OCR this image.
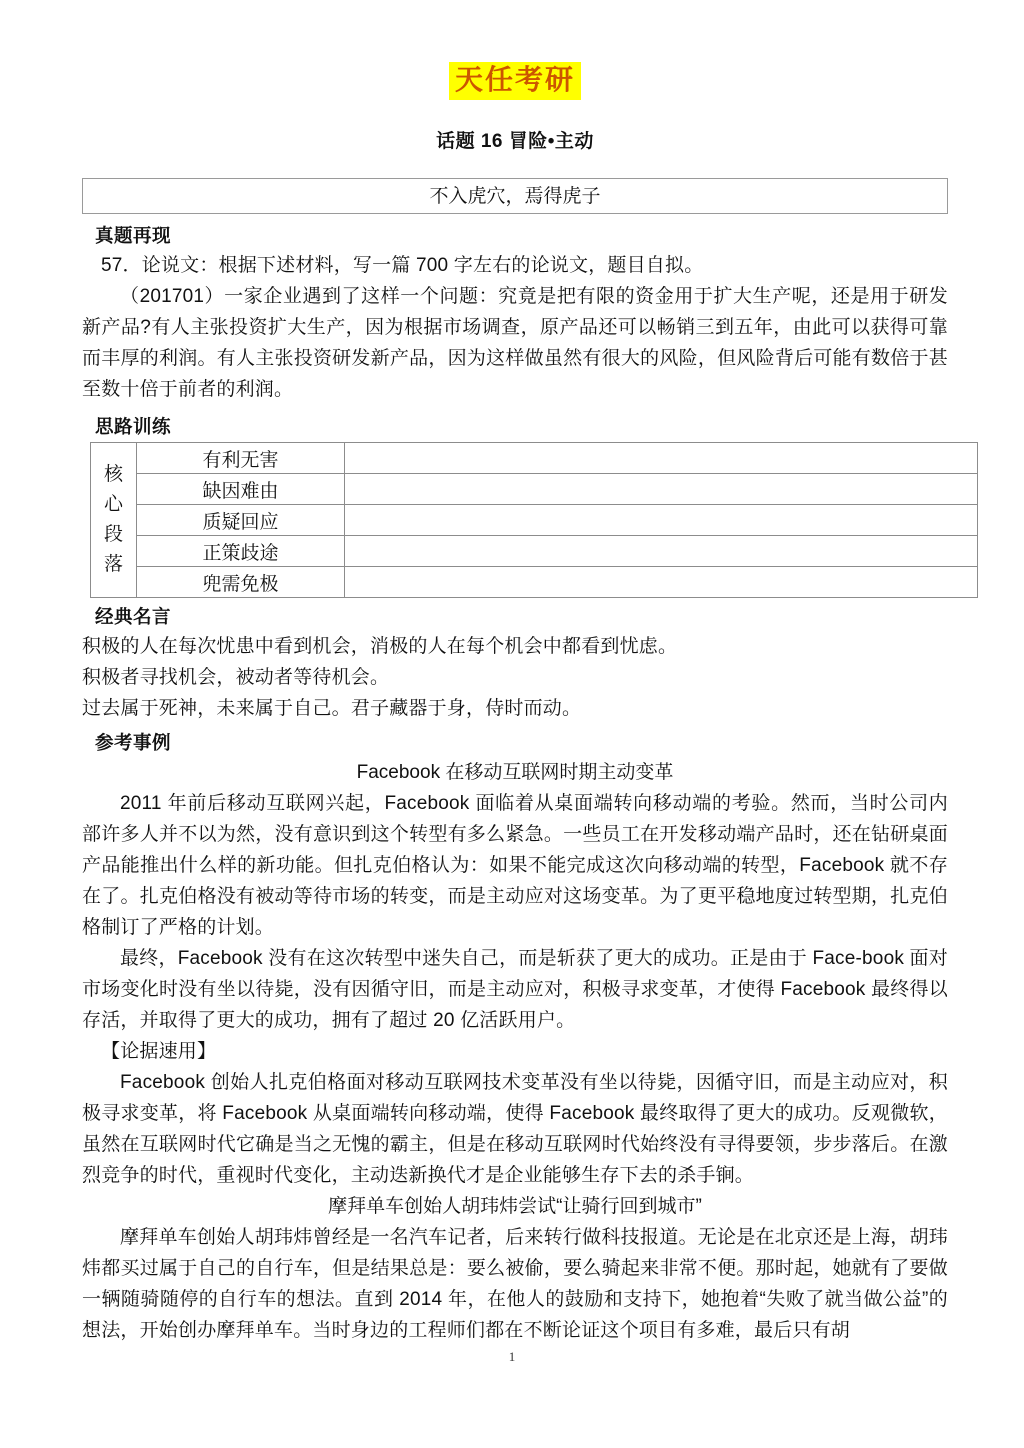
天任考研
话题 16 冒险•主动
不入虎穴，焉得虎子
真题再现

57．论说文：根据下述材料，写一篇 700 字左右的论说文，题目自拟。

（201701）一家企业遇到了这样一个问题：究竟是把有限的资金用于扩大生产呢，还是用于研发新产品?有人主张投资扩大生产，因为根据市场调查，原产品还可以畅销三到五年，由此可以获得可靠而丰厚的利润。有人主张投资研发新产品，因为这样做虽然有很大的风险，但风险背后可能有数倍于甚至数十倍于前者的利润。

思路训练
核
心
段
落	有利无害	
	缺因难由	
	质疑回应	
	正策歧途	
	兜需免极	
经典名言

积极的人在每次忧患中看到机会，消极的人在每个机会中都看到忧虑。

积极者寻找机会，被动者等待机会。

过去属于死神，未来属于自己。君子藏器于身，侍时而动。

参考事例
Facebook 在移动互联网时期主动变革

2011 年前后移动互联网兴起，Facebook 面临着从桌面端转向移动端的考验。然而，当时公司内部许多人并不以为然，没有意识到这个转型有多么紧急。一些员工在开发移动端产品时，还在钻研桌面产品能推出什么样的新功能。但扎克伯格认为：如果不能完成这次向移动端的转型，Facebook 就不存在了。扎克伯格没有被动等待市场的转变，而是主动应对这场变革。为了更平稳地度过转型期，扎克伯格制订了严格的计划。

最终，Facebook 没有在这次转型中迷失自己，而是斩获了更大的成功。正是由于 Face-book 面对市场变化时没有坐以待毙，没有因循守旧，而是主动应对，积极寻求变革，才使得 Facebook 最终得以存活，并取得了更大的成功，拥有了超过 20 亿活跃用户。

【论据速用】

Facebook 创始人扎克伯格面对移动互联网技术变革没有坐以待毙，因循守旧，而是主动应对，积极寻求变革，将 Facebook 从桌面端转向移动端，使得 Facebook 最终取得了更大的成功。反观微软，虽然在互联网时代它确是当之无愧的霸主，但是在移动互联网时代始终没有寻得要领，步步落后。在激烈竞争的时代，重视时代变化，主动迭新换代才是企业能够生存下去的杀手锏。

摩拜单车创始人胡玮炜尝试“让骑行回到城市”

摩拜单车创始人胡玮炜曾经是一名汽车记者，后来转行做科技报道。无论是在北京还是上海，胡玮炜都买过属于自己的自行车，但是结果总是：要么被偷，要么骑起来非常不便。那时起，她就有了要做一辆随骑随停的自行车的想法。直到 2014 年，在他人的鼓励和支持下，她抱着“失败了就当做公益”的想法，开始创办摩拜单车。当时身边的工程师们都在不断论证这个项目有多难，最后只有胡

1
